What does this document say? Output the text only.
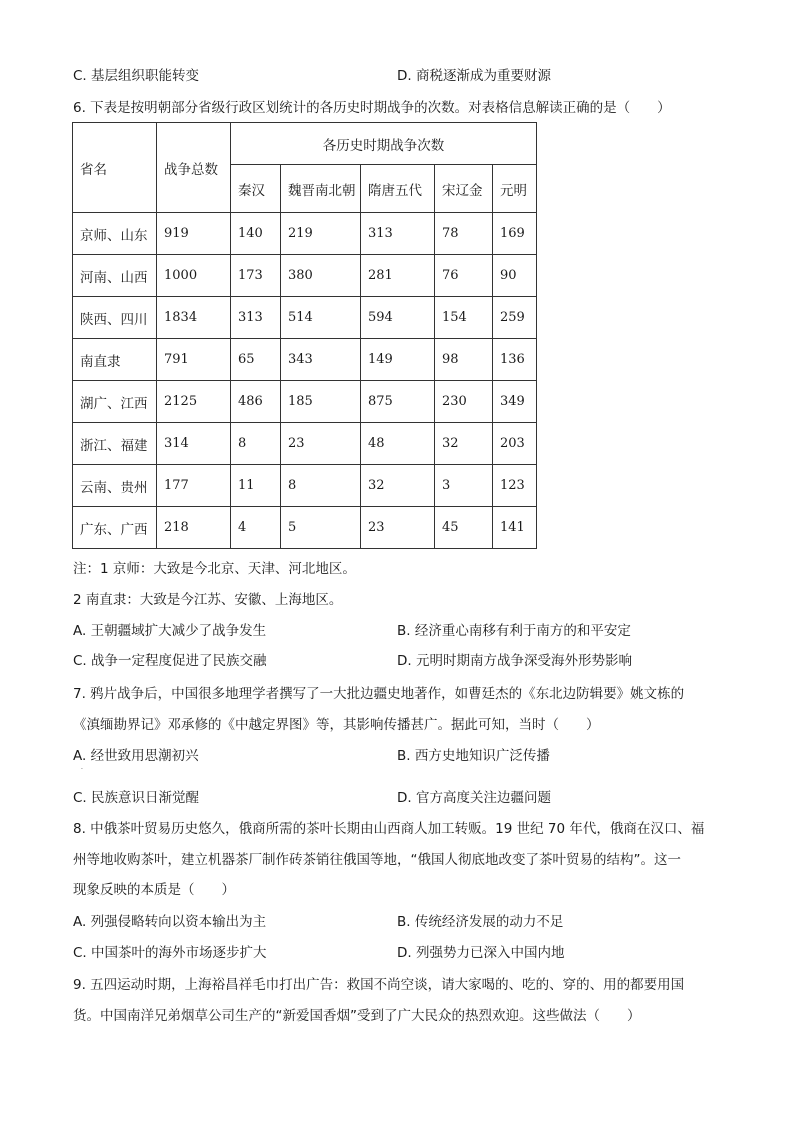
C. 基层组织职能转变	D. 商税逐渐成为重要财源
6. 下表是按明朝部分省级行政区划统计的各历史时期战争的次数。对表格信息解读正确的是（　　）
省名	战争总数	各历史时期战争次数				
		秦汉	魏晋南北朝	隋唐五代	宋辽金	元明
京师、山东	919	140	219	313	78	169
河南、山西	1000	173	380	281	76	90
陕西、四川	1834	313	514	594	154	259
南直隶	791	65	343	149	98	136
湖广、江西	2125	486	185	875	230	349
浙江、福建	314	8	23	48	32	203
云南、贵州	177	11	8	32	3	123
广东、广西	218	4	5	23	45	141
注：1 京师：大致是今北京、天津、河北地区。
2 南直隶：大致是今江苏、安徽、上海地区。
A. 王朝疆域扩大减少了战争发生	B. 经济重心南移有利于南方的和平安定
C. 战争一定程度促进了民族交融	D. 元明时期南方战争深受海外形势影响
7. 鸦片战争后，中国很多地理学者撰写了一大批边疆史地著作，如曹廷杰的《东北边防辑要》姚文栋的
《滇缅勘界记》邓承修的《中越定界图》等，其影响传播甚广。据此可知，当时（　　）
A. 经世致用思潮初兴	B. 西方史地知识广泛传播
·
C. 民族意识日渐觉醒	D. 官方高度关注边疆问题
8. 中俄茶叶贸易历史悠久，俄商所需的茶叶长期由山西商人加工转贩。19 世纪 70 年代，俄商在汉口、福
州等地收购茶叶，建立机器茶厂制作砖茶销往俄国等地，“俄国人彻底地改变了茶叶贸易的结构”。这一
现象反映的本质是（　　）
A. 列强侵略转向以资本输出为主	B. 传统经济发展的动力不足
C. 中国茶叶的海外市场逐步扩大	D. 列强势力已深入中国内地
9. 五四运动时期，上海裕昌祥毛巾打出广告：救国不尚空谈，请大家喝的、吃的、穿的、用的都要用国
货。中国南洋兄弟烟草公司生产的“新爱国香烟”受到了广大民众的热烈欢迎。这些做法（　　）
